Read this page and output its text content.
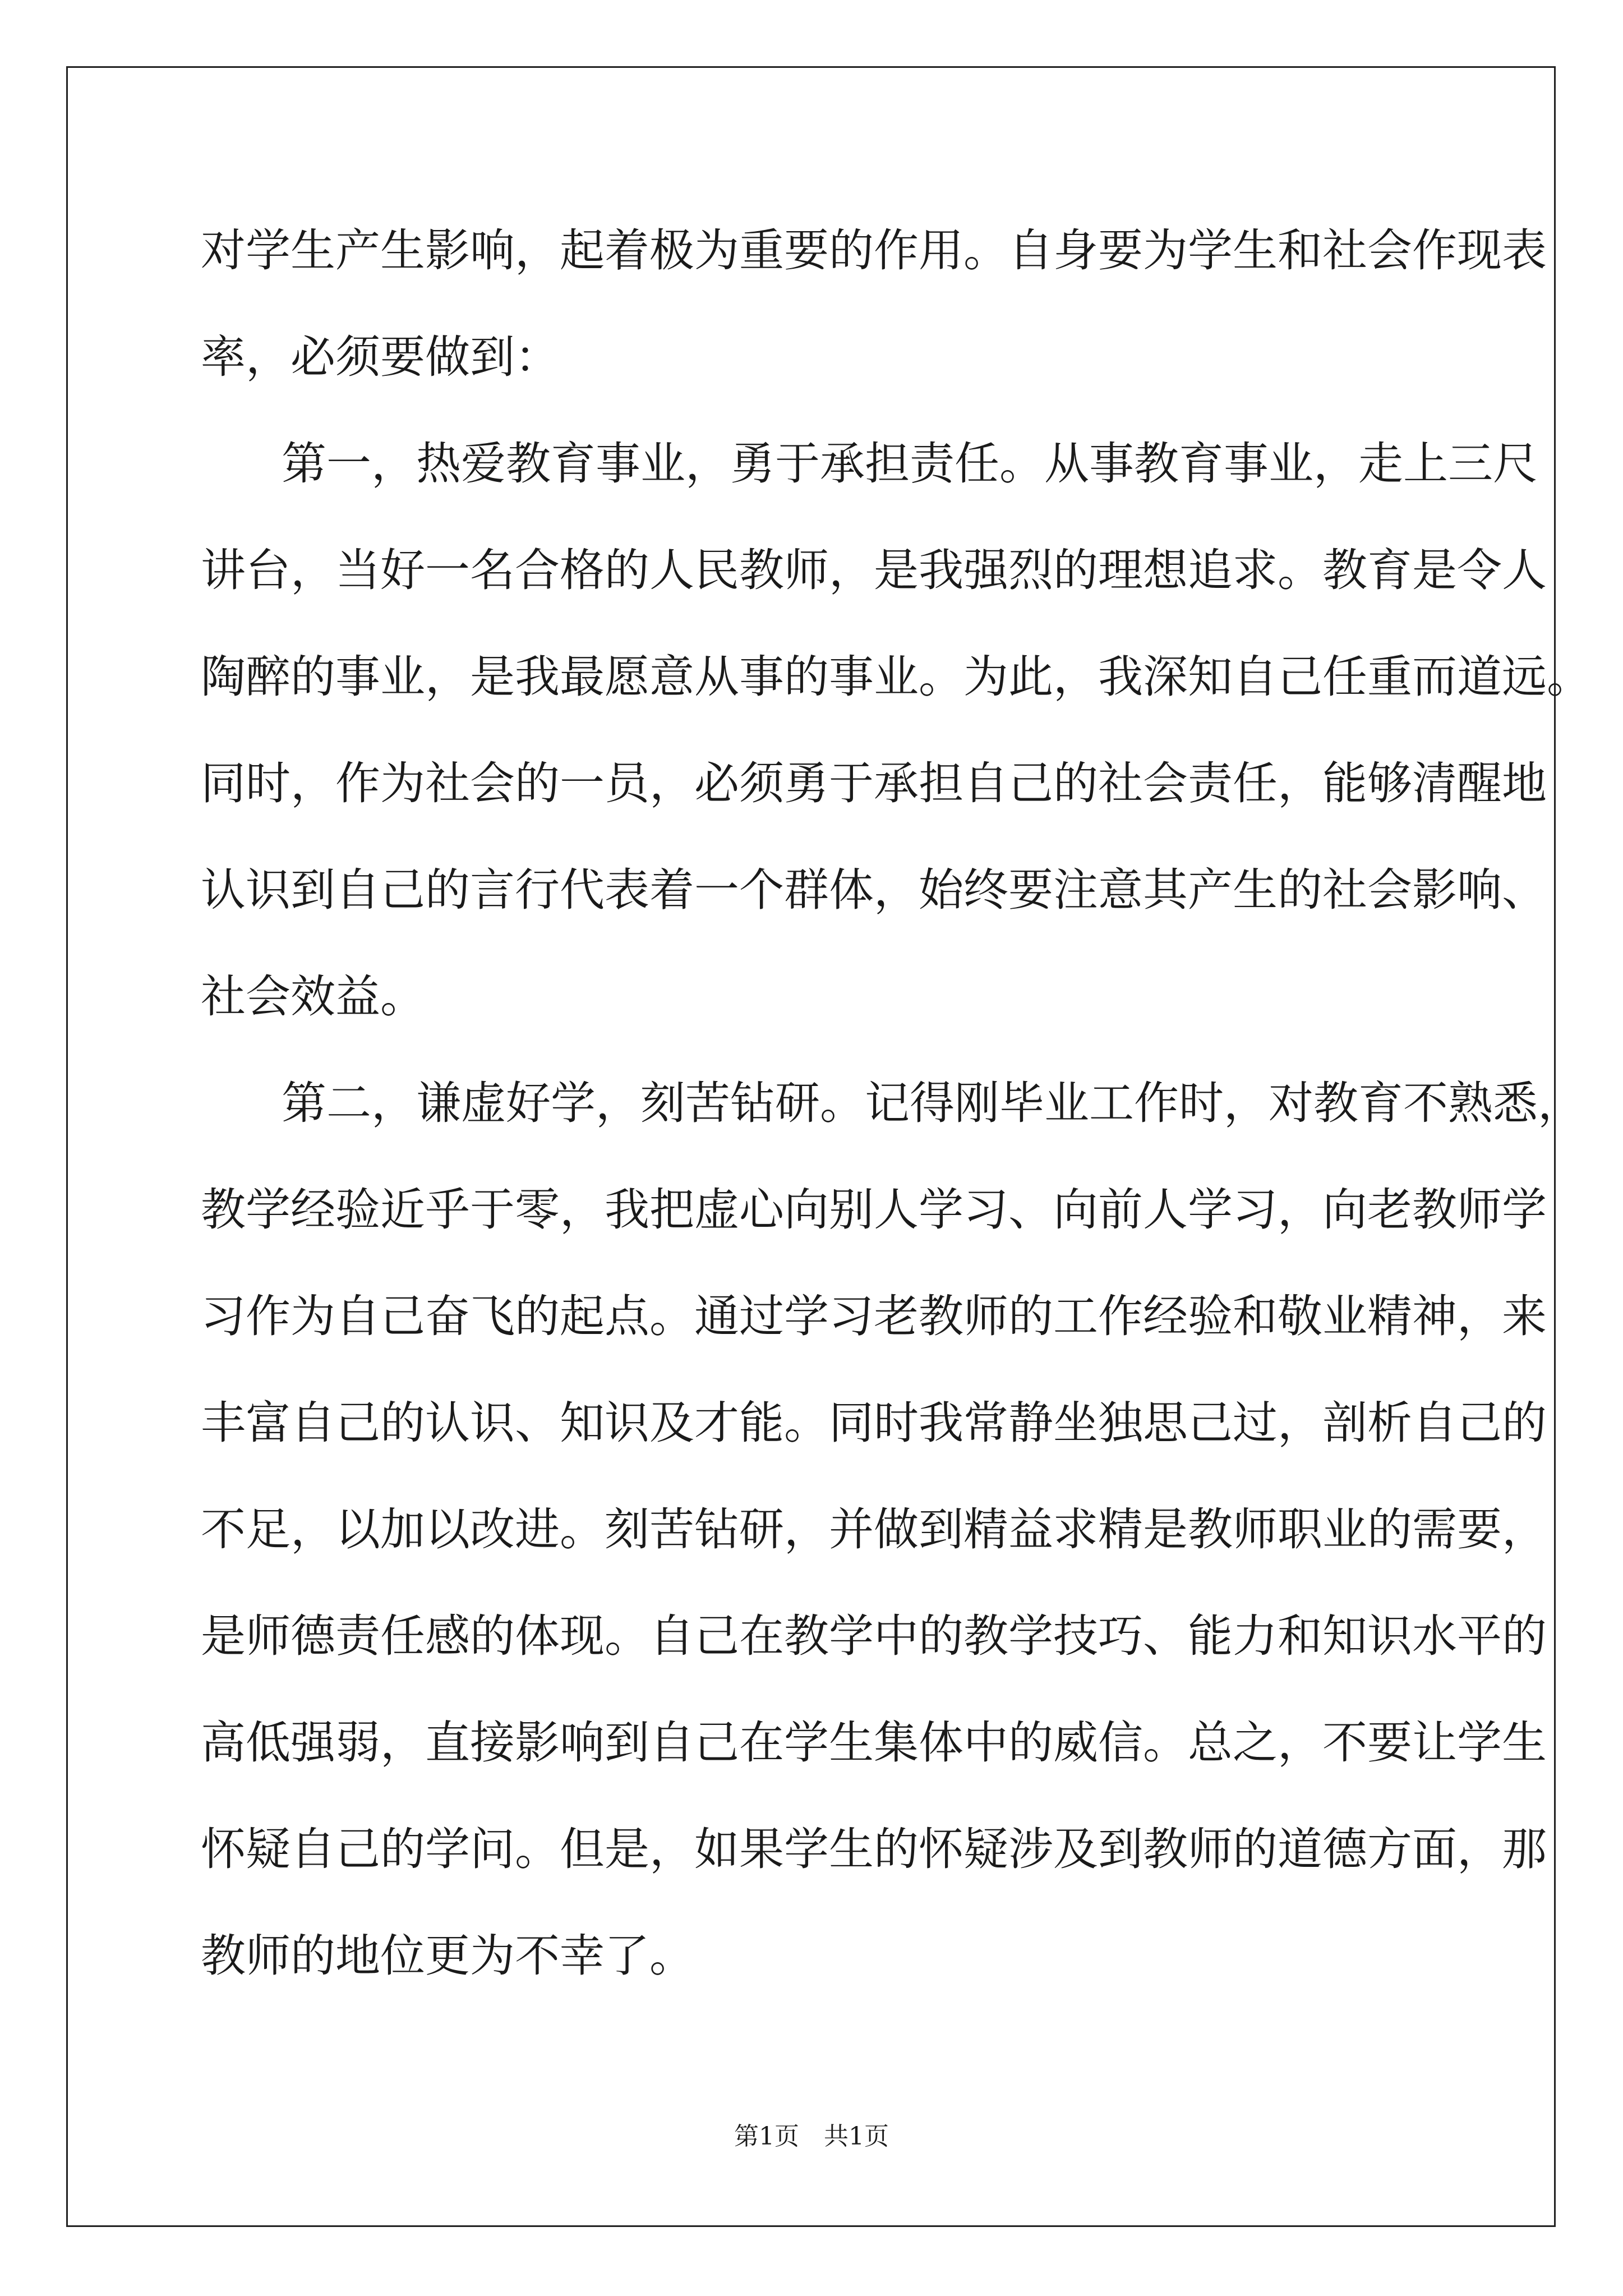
对学生产生影响，起着极为重要的作用。自身要为学生和社会作现表
率，必须要做到：
第一，热爱教育事业，勇于承担责任。从事教育事业，走上三尺
讲台，当好一名合格的人民教师，是我强烈的理想追求。教育是令人
陶醉的事业，是我最愿意从事的事业。为此，我深知自己任重而道远。
同时，作为社会的一员，必须勇于承担自己的社会责任，能够清醒地
认识到自己的言行代表着一个群体，始终要注意其产生的社会影响、
社会效益。
第二，谦虚好学，刻苦钻研。记得刚毕业工作时，对教育不熟悉，
教学经验近乎于零，我把虚心向别人学习、向前人学习，向老教师学
习作为自己奋飞的起点。通过学习老教师的工作经验和敬业精神，来
丰富自己的认识、知识及才能。同时我常静坐独思己过，剖析自己的
不足，以加以改进。刻苦钻研，并做到精益求精是教师职业的需要，
是师德责任感的体现。自己在教学中的教学技巧、能力和知识水平的
高低强弱，直接影响到自己在学生集体中的威信。总之，不要让学生
怀疑自己的学问。但是，如果学生的怀疑涉及到教师的道德方面，那
教师的地位更为不幸了。
第1页　共1页
